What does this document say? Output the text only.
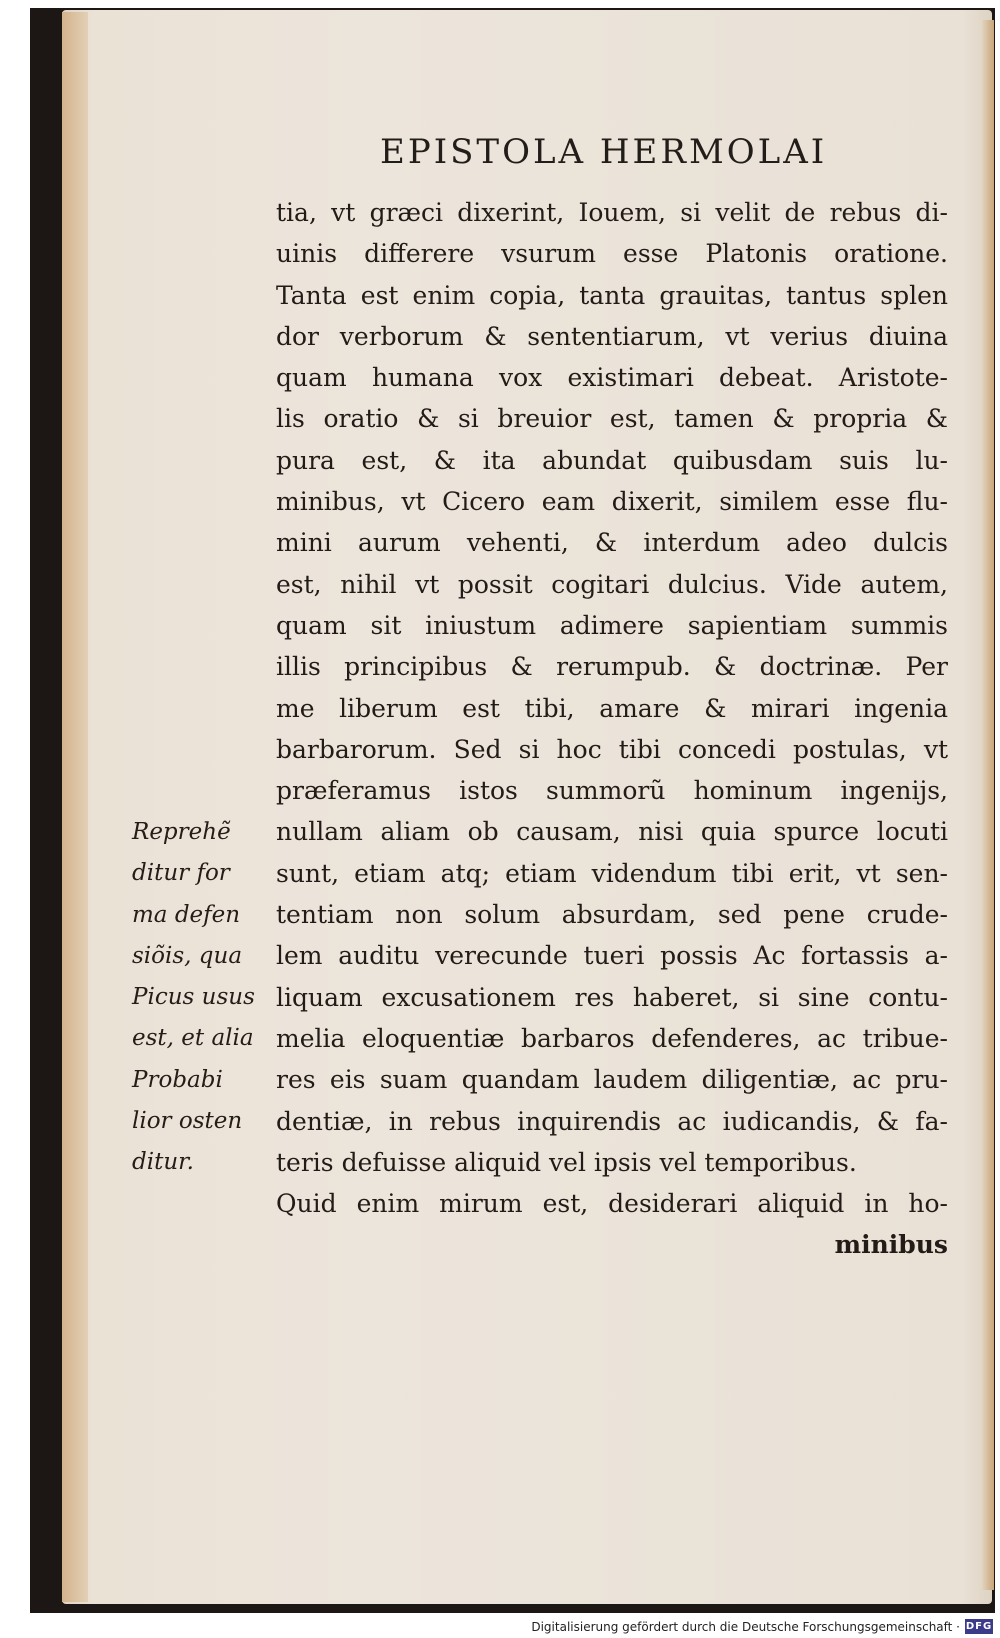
EPISTOLA HERMOLAI
tia, vt græci dixerint, Iouem, si velit de rebus di-
uinis differere vsurum esse Platonis oratione.
Tanta est enim copia, tanta grauitas, tantus splen
dor verborum & sententiarum, vt verius diuina
quam humana vox existimari debeat. Aristote-
lis oratio & si breuior est, tamen & propria &
pura est, & ita abundat quibusdam suis lu-
minibus, vt Cicero eam dixerit, similem esse flu-
mini aurum vehenti, & interdum adeo dulcis
est, nihil vt possit cogitari dulcius. Vide autem,
quam sit iniustum adimere sapientiam summis
illis principibus & rerumpub. & doctrinæ. Per
me liberum est tibi, amare & mirari ingenia
barbarorum. Sed si hoc tibi concedi postulas, vt
præferamus istos summorũ hominum ingenijs,
nullam aliam ob causam, nisi quia spurce locuti
sunt, etiam atq; etiam videndum tibi erit, vt sen-
tentiam non solum absurdam, sed pene crude-
lem auditu verecunde tueri possis Ac fortassis a-
liquam excusationem res haberet, si sine contu-
melia eloquentiæ barbaros defenderes, ac tribue-
res eis suam quandam laudem diligentiæ, ac pru-
dentiæ, in rebus inquirendis ac iudicandis, & fa-
teris defuisse aliquid vel ipsis vel temporibus.
Quid enim mirum est, desiderari aliquid in ho-
minibus
Reprehẽ
ditur for
ma defen
siõis, qua
Picus usus
est, et alia
Probabi
lior osten
ditur.
Digitalisierung gefördert durch die Deutsche Forschungsgemeinschaft · DFG
